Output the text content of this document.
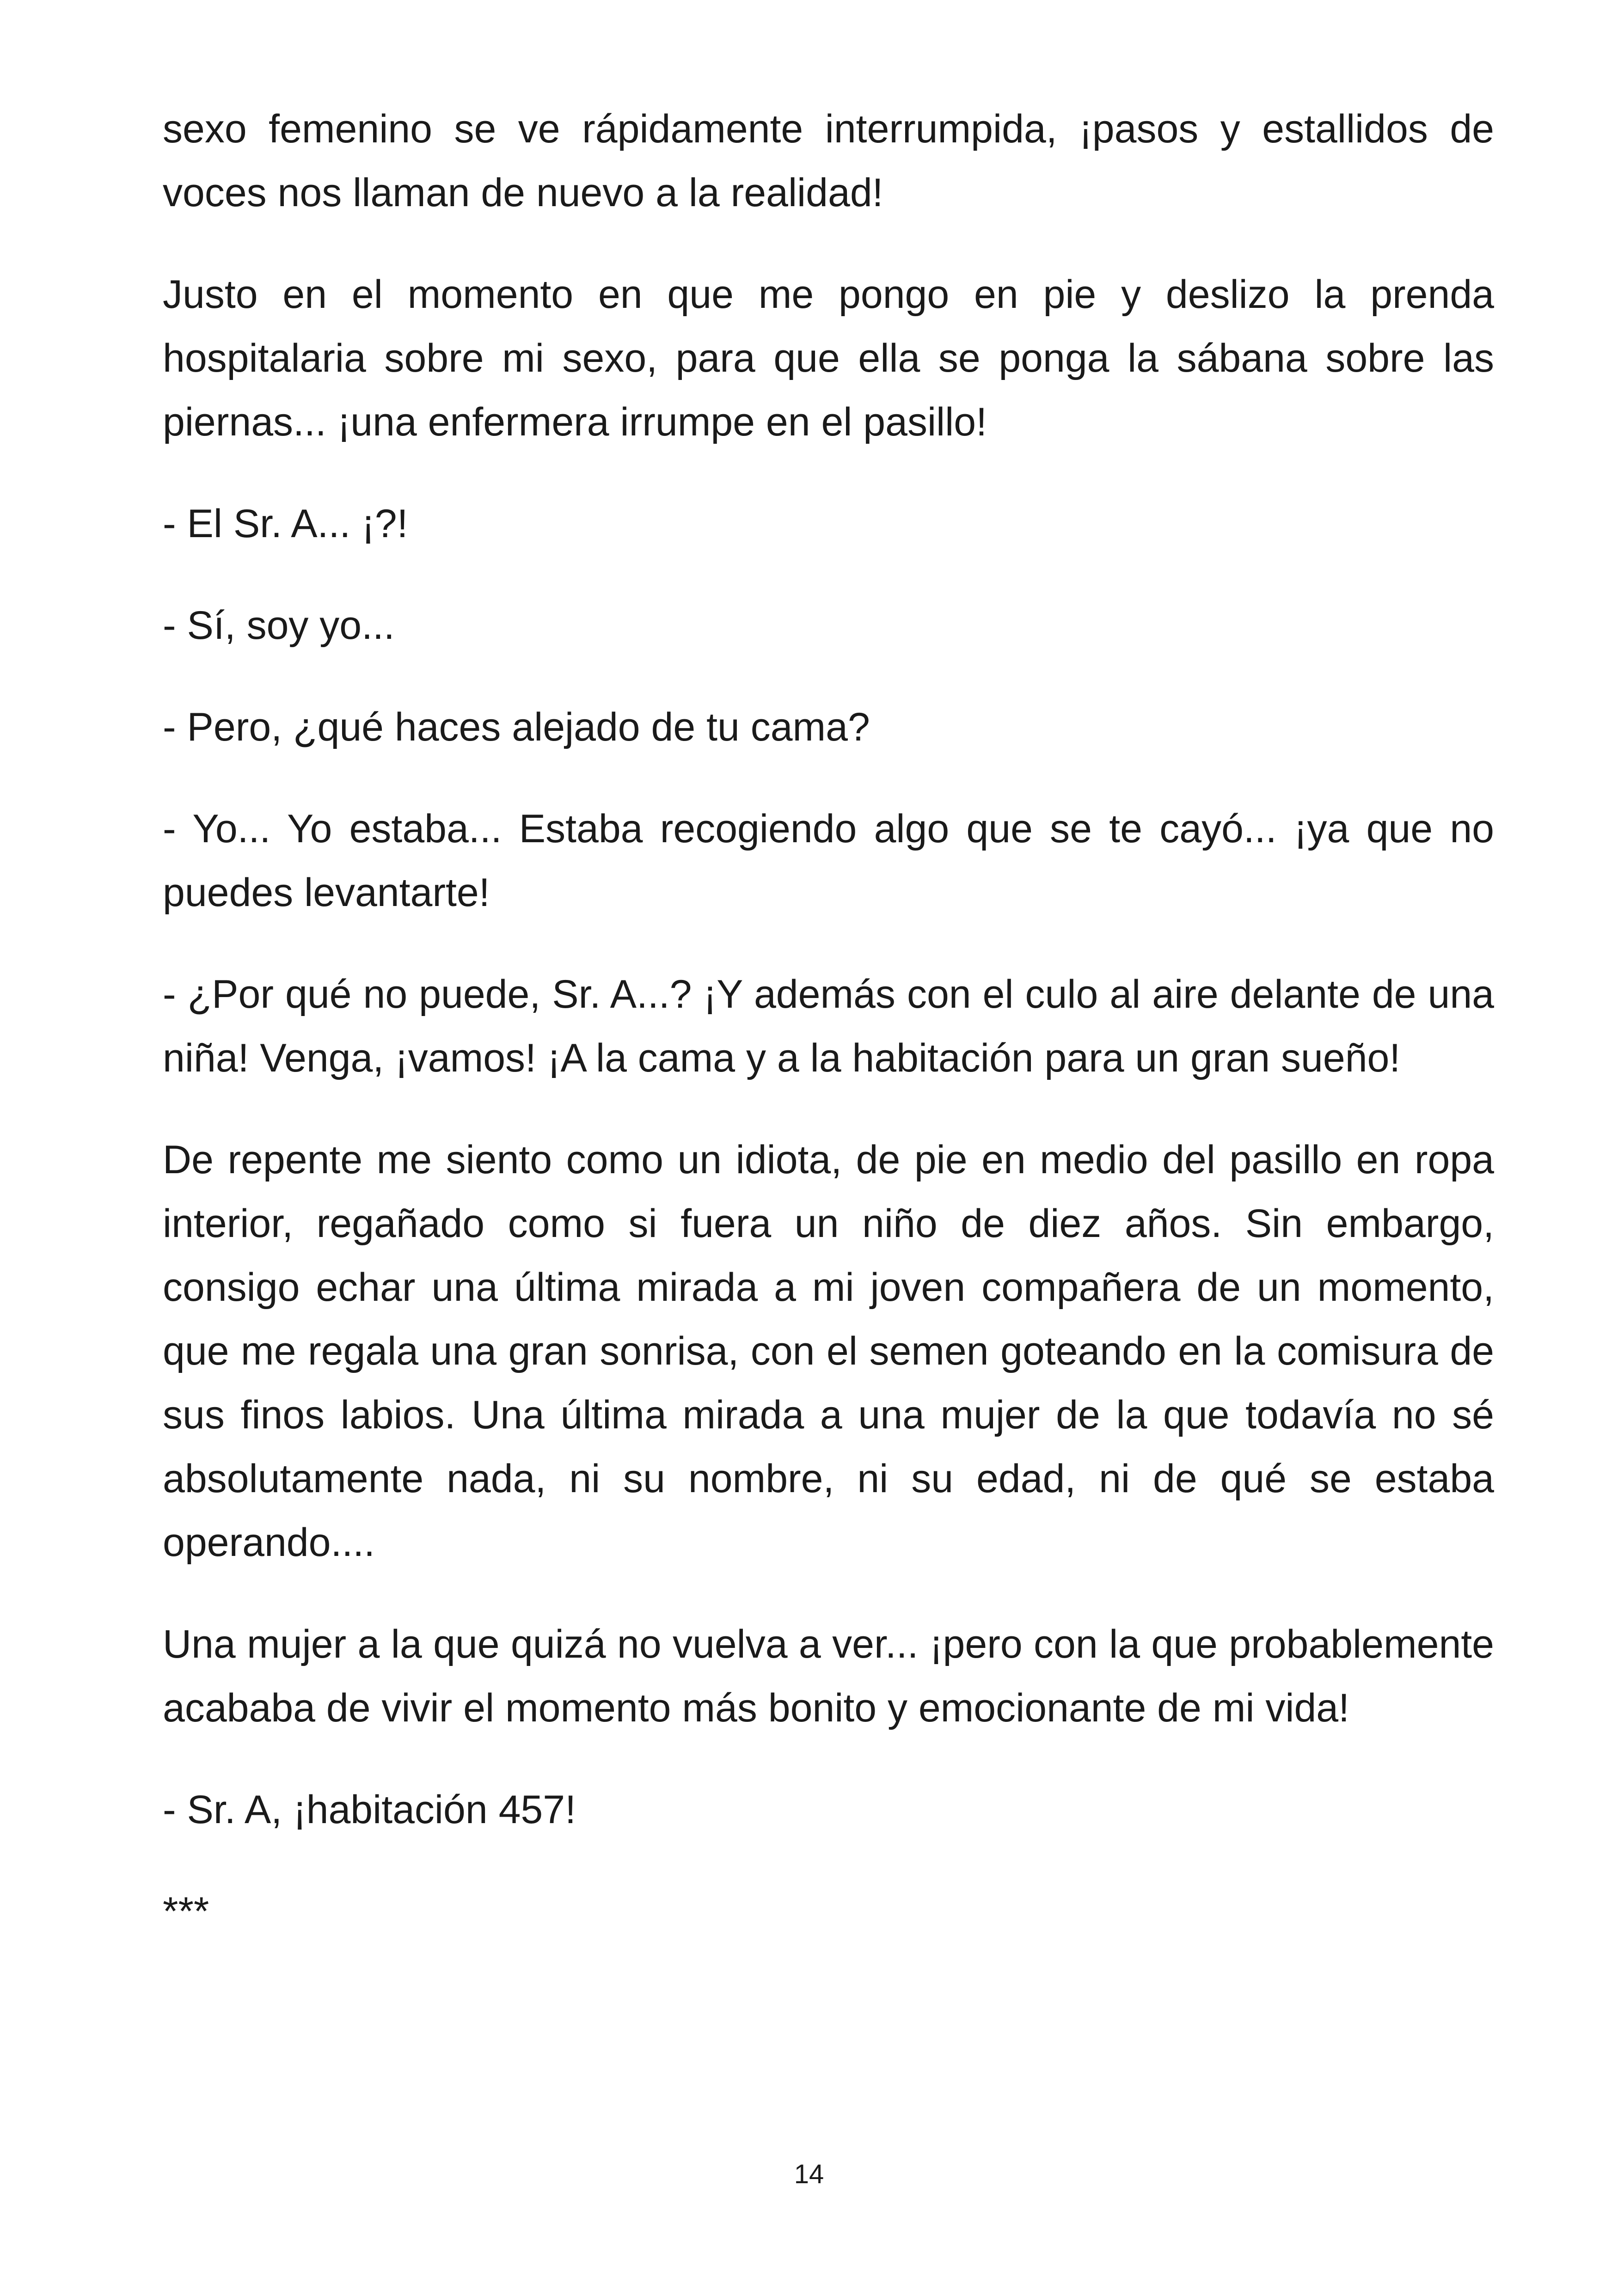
sexo femenino se ve rápidamente interrumpida, ¡pasos y estallidos de voces nos llaman de nuevo a la realidad!

Justo en el momento en que me pongo en pie y deslizo la prenda hospitalaria sobre mi sexo, para que ella se ponga la sábana sobre las piernas... ¡una enfermera irrumpe en el pasillo!

- El Sr. A... ¡?!

- Sí, soy yo...

- Pero, ¿qué haces alejado de tu cama?

- Yo... Yo estaba... Estaba recogiendo algo que se te cayó... ¡ya que no puedes levantarte!

- ¿Por qué no puede, Sr. A...? ¡Y además con el culo al aire delante de una niña! Venga, ¡vamos! ¡A la cama y a la habitación para un gran sueño!

De repente me siento como un idiota, de pie en medio del pasillo en ropa interior, regañado como si fuera un niño de diez años. Sin embargo, consigo echar una última mirada a mi joven compañera de un momento, que me regala una gran sonrisa, con el semen goteando en la comisura de sus finos labios. Una última mirada a una mujer de la que todavía no sé absolutamente nada, ni su nombre, ni su edad, ni de qué se estaba operando....

Una mujer a la que quizá no vuelva a ver... ¡pero con la que probablemente acababa de vivir el momento más bonito y emocionante de mi vida!

- Sr. A, ¡habitación 457!

***

14
